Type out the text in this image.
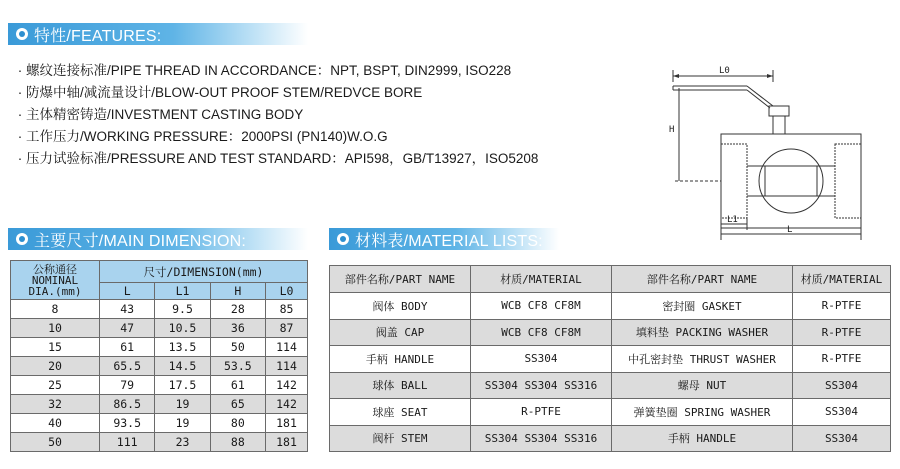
特性/FEATURES:
· 螺纹连接标准/PIPE THREAD IN ACCORDANCE：NPT, BSPT, DIN2999, ISO228
· 防爆中轴/减流量设计/BLOW-OUT PROOF STEM/REDVCE BORE
· 主体精密铸造/INVESTMENT CASTING BODY
· 工作压力/WORKING PRESSURE：2000PSI (PN140)W.O.G
· 压力试验标准/PRESSURE AND TEST STANDARD：API598，GB/T13927，ISO5208
L0
H
L1
L
主要尺寸/MAIN DIMENSION:
公称通径
NOMINAL
DIA.(mm)	尺寸/DIMENSION(mm)			
	L	L1	H	L0
8	43	9.5	28	85
10	47	10.5	36	87
15	61	13.5	50	114
20	65.5	14.5	53.5	114
25	79	17.5	61	142
32	86.5	19	65	142
40	93.5	19	80	181
50	111	23	88	181
材料表/MATERIAL LISTS:
部件名称/PART NAME	材质/MATERIAL	部件名称/PART NAME	材质/MATERIAL
阀体 BODY	WCB CF8 CF8M	密封圈 GASKET	R-PTFE
阀盖 CAP	WCB CF8 CF8M	填料垫 PACKING WASHER	R-PTFE
手柄 HANDLE	SS304	中孔密封垫 THRUST WASHER	R-PTFE
球体 BALL	SS304 SS304 SS316	螺母 NUT	SS304
球座 SEAT	R-PTFE	弹簧垫圈 SPRING WASHER	SS304
阀杆 STEM	SS304 SS304 SS316	手柄 HANDLE	SS304
